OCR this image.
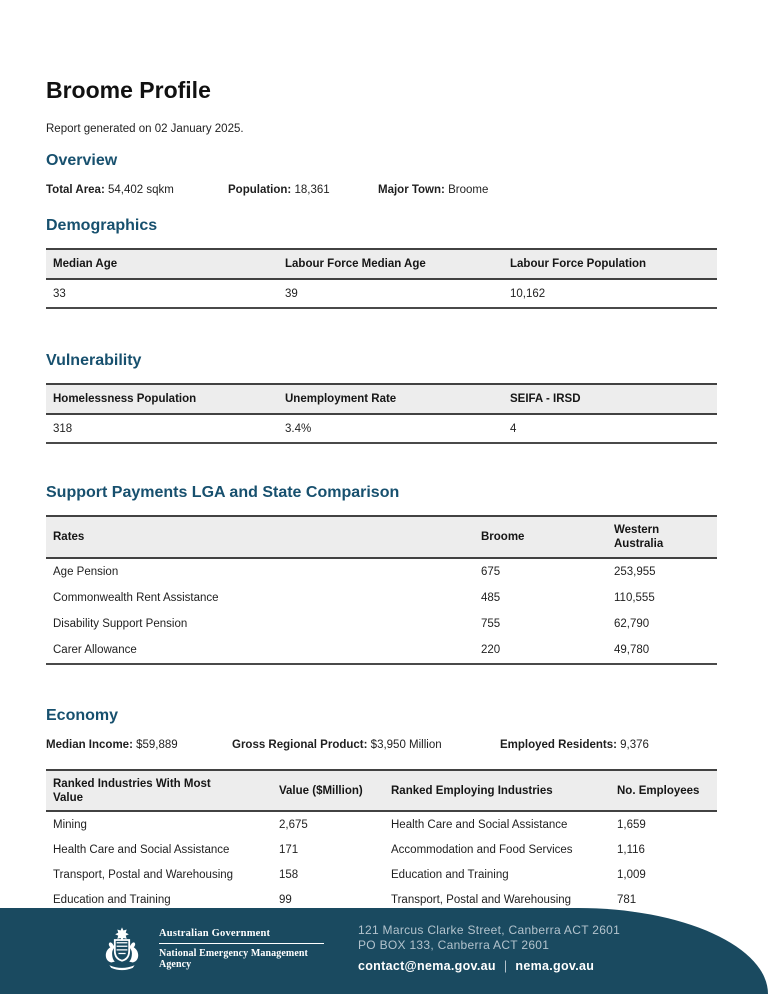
Broome Profile
Report generated on 02 January 2025.
Overview
Total Area: 54,402 sqkm	Population: 18,361	Major Town: Broome
Demographics
Median Age	Labour Force Median Age	Labour Force Population
33	39	10,162
Vulnerability
Homelessness Population	Unemployment Rate	SEIFA - IRSD
318	3.4%	4
Support Payments LGA and State Comparison
Rates	Broome	Western Australia
Age Pension	675	253,955
Commonwealth Rent Assistance	485	110,555
Disability Support Pension	755	62,790
Carer Allowance	220	49,780
Economy
Median Income: $59,889	Gross Regional Product: $3,950 Million	Employed Residents: 9,376
Ranked Industries With Most Value	Value ($Million)	Ranked Employing Industries	No. Employees
Mining	2,675	Health Care and Social Assistance	1,659
Health Care and Social Assistance	171	Accommodation and Food Services	1,116
Transport, Postal and Warehousing	158	Education and Training	1,009
Education and Training	99	Transport, Postal and Warehousing	781
Australian Government
National Emergency Management Agency
121 Marcus Clarke Street, Canberra ACT 2601
PO BOX 133, Canberra ACT 2601
contact@nema.gov.au | nema.gov.au
